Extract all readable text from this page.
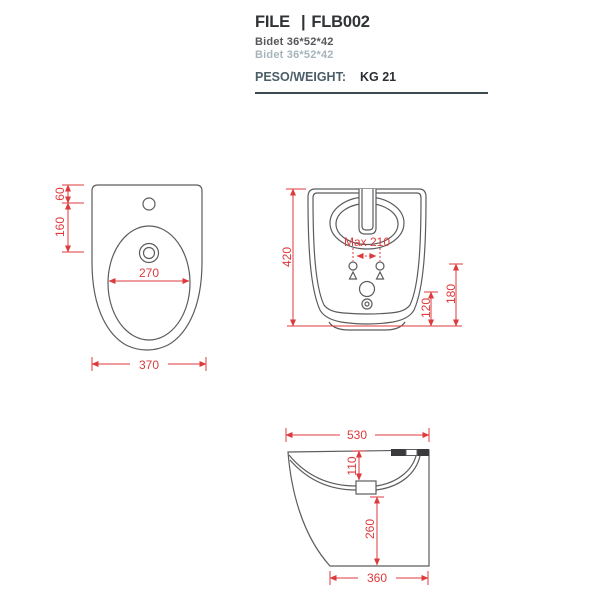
FILE | FLB002
Bidet 36*52*42
Bidet 36*52*42
PESO/WEIGHT: KG 21
60
160
270
370
420
Max 210
120
180
530
110
260
360
